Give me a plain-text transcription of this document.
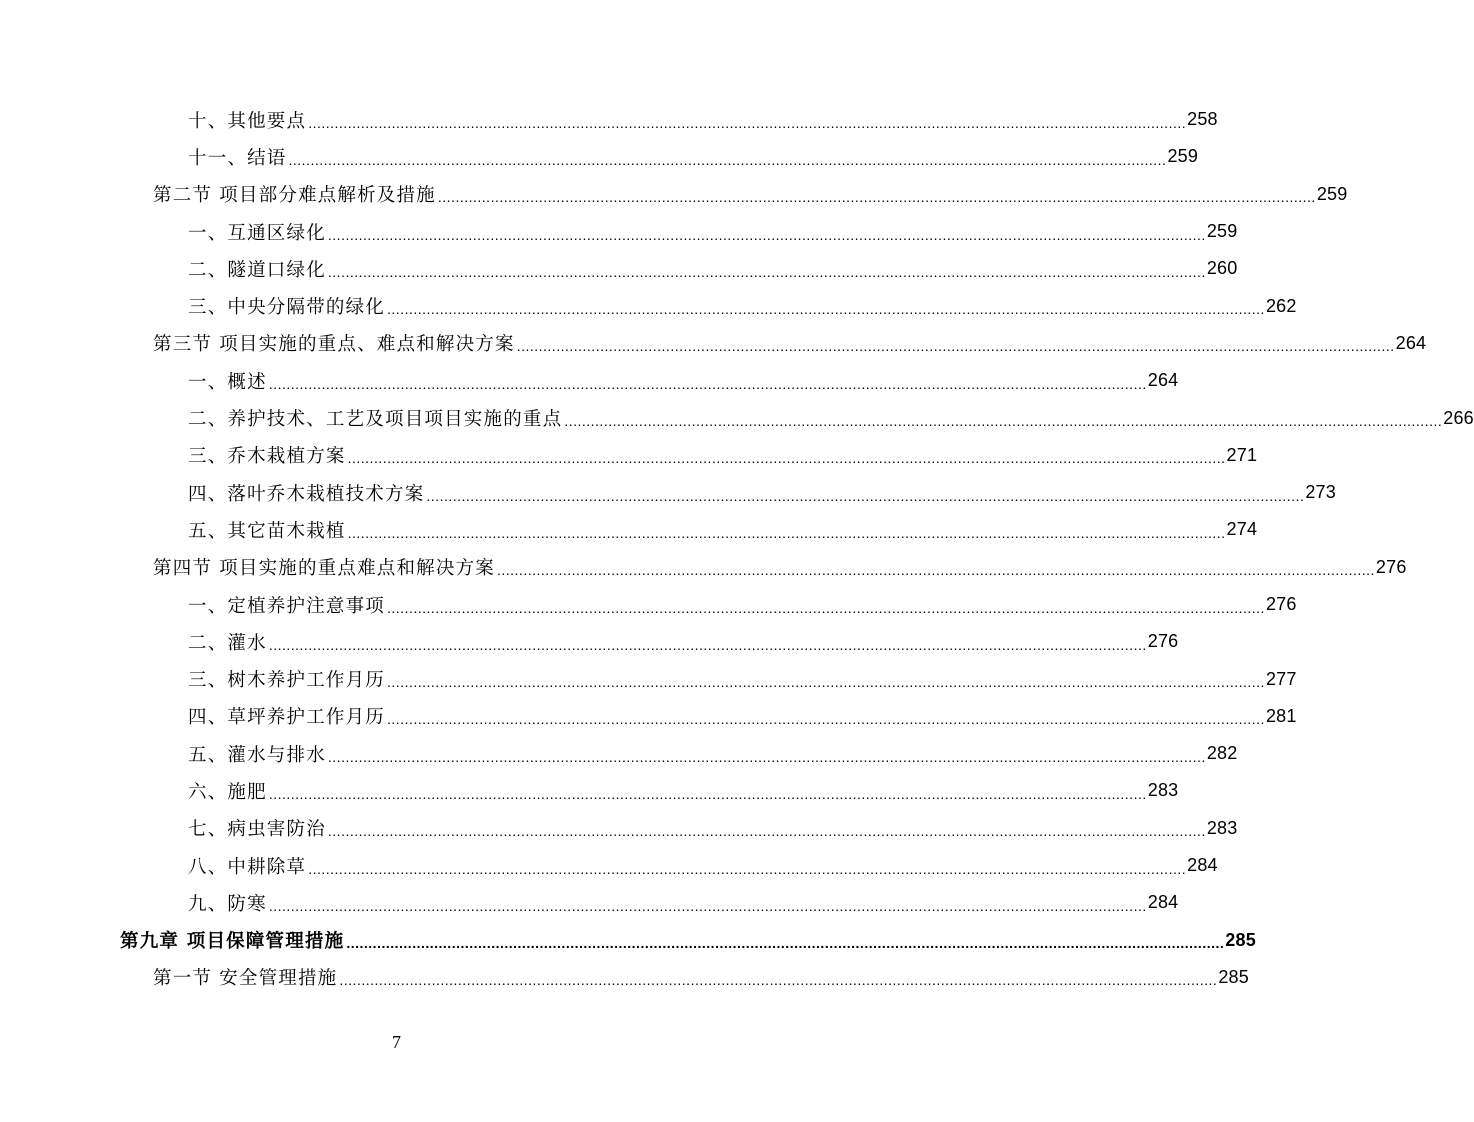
十、其他要点 ........................................................................................................................................................................................................ 258
十一、结语 ........................................................................................................................................................................................................ 259
第二节 项目部分难点解析及措施 ........................................................................................................................................................................................................ 259
一、互通区绿化 ........................................................................................................................................................................................................ 259
二、隧道口绿化 ........................................................................................................................................................................................................ 260
三、中央分隔带的绿化 ........................................................................................................................................................................................................ 262
第三节 项目实施的重点、难点和解决方案 ........................................................................................................................................................................................................ 264
一、概述 ........................................................................................................................................................................................................ 264
二、养护技术、工艺及项目项目实施的重点 ........................................................................................................................................................................................................ 266
三、乔木栽植方案 ........................................................................................................................................................................................................ 271
四、落叶乔木栽植技术方案 ........................................................................................................................................................................................................ 273
五、其它苗木栽植 ........................................................................................................................................................................................................ 274
第四节 项目实施的重点难点和解决方案 ........................................................................................................................................................................................................ 276
一、定植养护注意事项 ........................................................................................................................................................................................................ 276
二、灌水 ........................................................................................................................................................................................................ 276
三、树木养护工作月历 ........................................................................................................................................................................................................ 277
四、草坪养护工作月历 ........................................................................................................................................................................................................ 281
五、灌水与排水 ........................................................................................................................................................................................................ 282
六、施肥 ........................................................................................................................................................................................................ 283
七、病虫害防治 ........................................................................................................................................................................................................ 283
八、中耕除草 ........................................................................................................................................................................................................ 284
九、防寒 ........................................................................................................................................................................................................ 284
第九章 项目保障管理措施 ........................................................................................................................................................................................................ 285
第一节 安全管理措施 ........................................................................................................................................................................................................ 285
7
